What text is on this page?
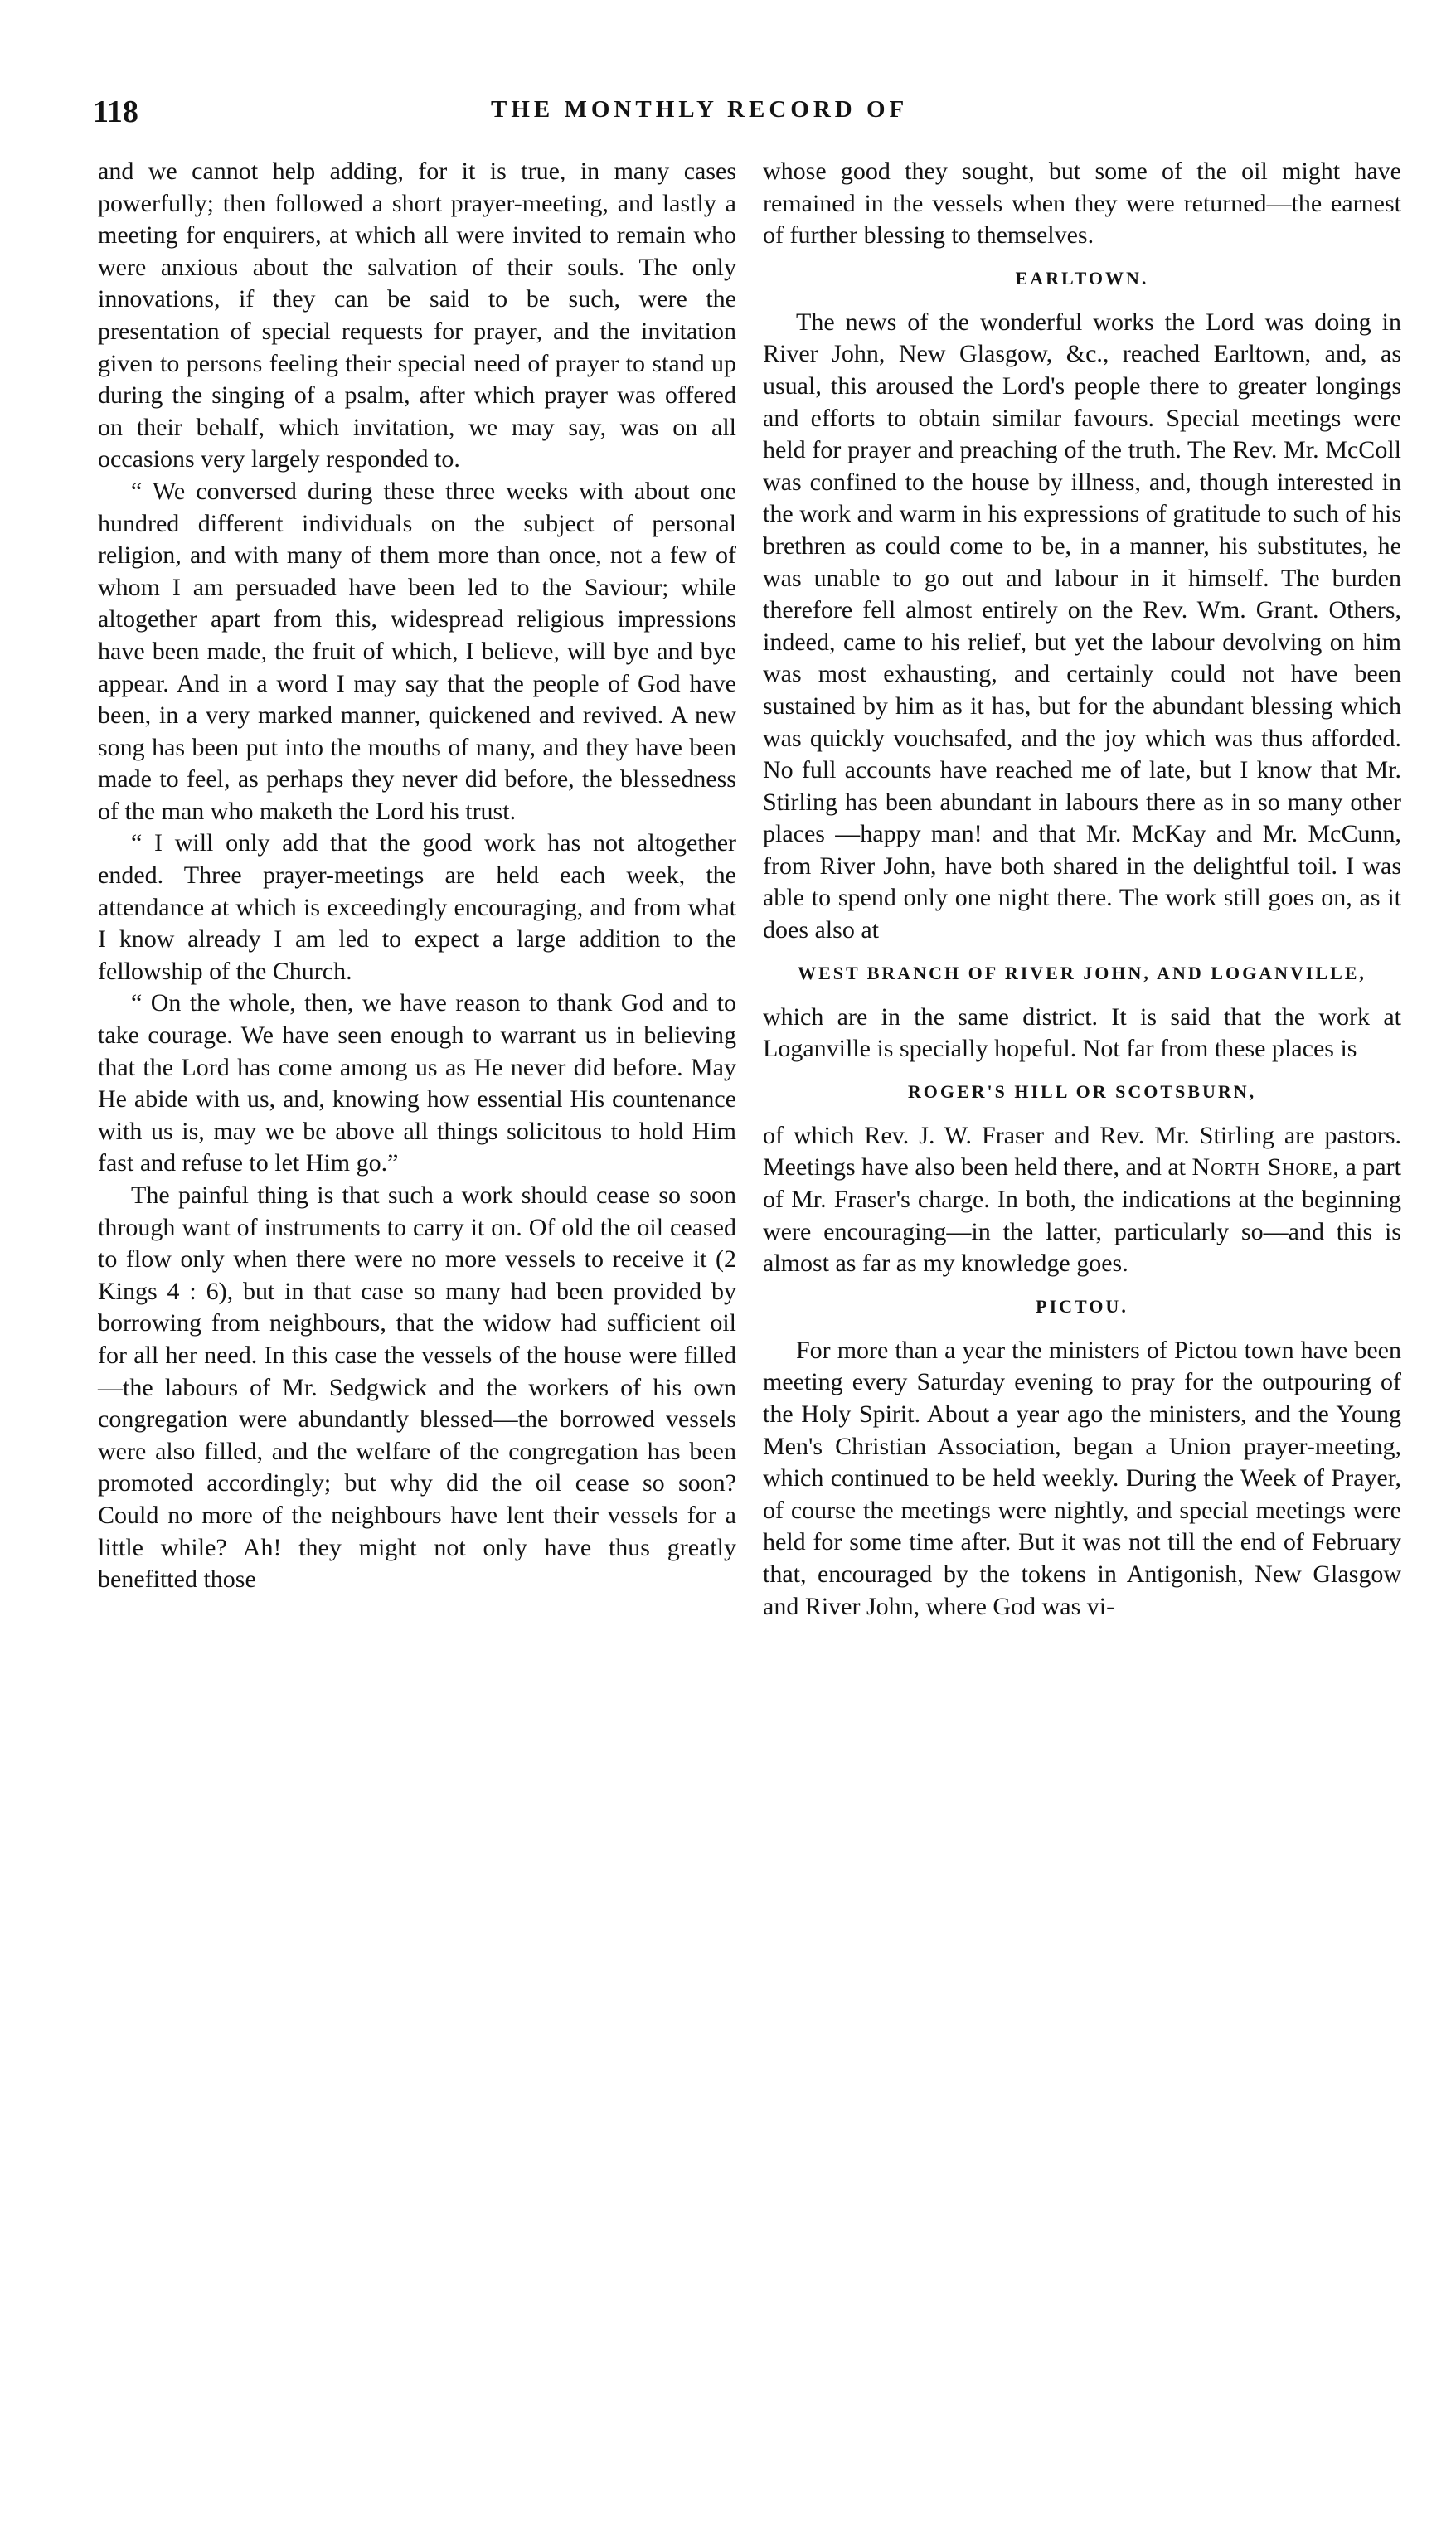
118	THE MONTHLY RECORD OF

and we cannot help adding, for it is true, in many cases powerfully; then followed a short prayer-meeting, and lastly a meeting for enquirers, at which all were invited to remain who were anxious about the salvation of their souls. The only innovations, if they can be said to be such, were the presentation of special requests for prayer, and the invitation given to persons feeling their special need of prayer to stand up during the singing of a psalm, after which prayer was offered on their behalf, which invitation, we may say, was on all occasions very largely responded to.

“ We conversed during these three weeks with about one hundred different individuals on the subject of personal religion, and with many of them more than once, not a few of whom I am persuaded have been led to the Saviour; while altogether apart from this, widespread religious impressions have been made, the fruit of which, I believe, will bye and bye appear. And in a word I may say that the people of God have been, in a very marked manner, quickened and revived. A new song has been put into the mouths of many, and they have been made to feel, as perhaps they never did before, the blessedness of the man who maketh the Lord his trust.

“ I will only add that the good work has not altogether ended. Three prayer-meetings are held each week, the attendance at which is exceedingly encouraging, and from what I know already I am led to expect a large addition to the fellowship of the Church.

“ On the whole, then, we have reason to thank God and to take courage. We have seen enough to warrant us in believing that the Lord has come among us as He never did before. May He abide with us, and, knowing how essential His countenance with us is, may we be above all things solicitous to hold Him fast and refuse to let Him go.”

The painful thing is that such a work should cease so soon through want of instruments to carry it on. Of old the oil ceased to flow only when there were no more vessels to receive it (2 Kings 4 : 6), but in that case so many had been provided by borrowing from neighbours, that the widow had sufficient oil for all her need. In this case the vessels of the house were filled—the labours of Mr. Sedgwick and the workers of his own congregation were abundantly blessed—the borrowed vessels were also filled, and the welfare of the congregation has been promoted accordingly; but why did the oil cease so soon? Could no more of the neighbours have lent their vessels for a little while? Ah! they might not only have thus greatly benefitted those

whose good they sought, but some of the oil might have remained in the vessels when they were returned—the earnest of further blessing to themselves.

EARLTOWN.

The news of the wonderful works the Lord was doing in River John, New Glasgow, &c., reached Earltown, and, as usual, this aroused the Lord's people there to greater longings and efforts to obtain similar favours. Special meetings were held for prayer and preaching of the truth. The Rev. Mr. McColl was confined to the house by illness, and, though interested in the work and warm in his expressions of gratitude to such of his brethren as could come to be, in a manner, his substitutes, he was unable to go out and labour in it himself. The burden therefore fell almost entirely on the Rev. Wm. Grant. Others, indeed, came to his relief, but yet the labour devolving on him was most exhausting, and certainly could not have been sustained by him as it has, but for the abundant blessing which was quickly vouchsafed, and the joy which was thus afforded. No full accounts have reached me of late, but I know that Mr. Stirling has been abundant in labours there as in so many other places —happy man! and that Mr. McKay and Mr. McCunn, from River John, have both shared in the delightful toil. I was able to spend only one night there. The work still goes on, as it does also at

WEST BRANCH OF RIVER JOHN, AND LOGANVILLE,

which are in the same district. It is said that the work at Loganville is specially hopeful. Not far from these places is

ROGER'S HILL OR SCOTSBURN,

of which Rev. J. W. Fraser and Rev. Mr. Stirling are pastors. Meetings have also been held there, and at North Shore, a part of Mr. Fraser's charge. In both, the indications at the beginning were encouraging—in the latter, particularly so—and this is almost as far as my knowledge goes.

PICTOU.

For more than a year the ministers of Pictou town have been meeting every Saturday evening to pray for the outpouring of the Holy Spirit. About a year ago the ministers, and the Young Men's Christian Association, began a Union prayer-meeting, which continued to be held weekly. During the Week of Prayer, of course the meetings were nightly, and special meetings were held for some time after. But it was not till the end of February that, encouraged by the tokens in Antigonish, New Glasgow and River John, where God was vi-
